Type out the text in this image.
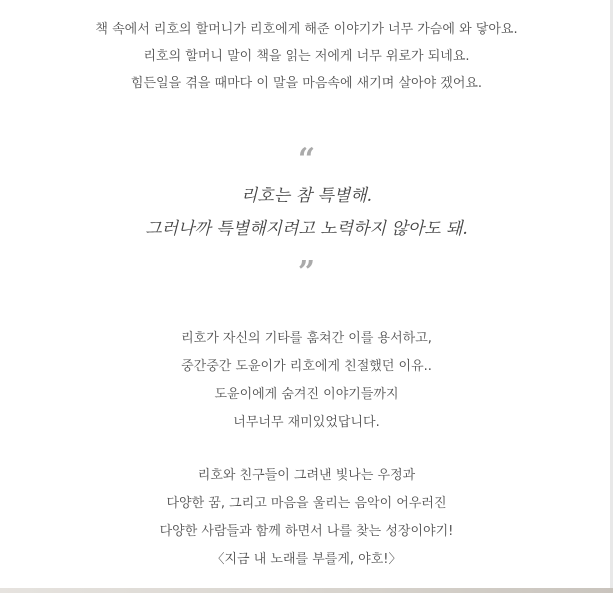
책 속에서 리호의 할머니가 리호에게 해준 이야기가 너무 가슴에 와 닿아요.

리호의 할머니 말이 책을 읽는 저에게 너무 위로가 되네요.

힘든일을 겪을 때마다 이 말을 마음속에 새기며 살아야 겠어요.

“

리호는 참 특별해.

그러나까 특별해지려고 노력하지 않아도 돼.

”

리호가 자신의 기타를 훔쳐간 이를 용서하고,

중간중간 도윤이가 리호에게 친절했던 이유..

도윤이에게 숨겨진 이야기들까지

너무너무 재미있었답니다.

리호와 친구들이 그려낸 빛나는 우정과

다양한 꿈, 그리고 마음을 울리는 음악이 어우러진

다양한 사람들과 함께 하면서 나를 찾는 성장이야기!

〈지금 내 노래를 부를게, 야호!〉
